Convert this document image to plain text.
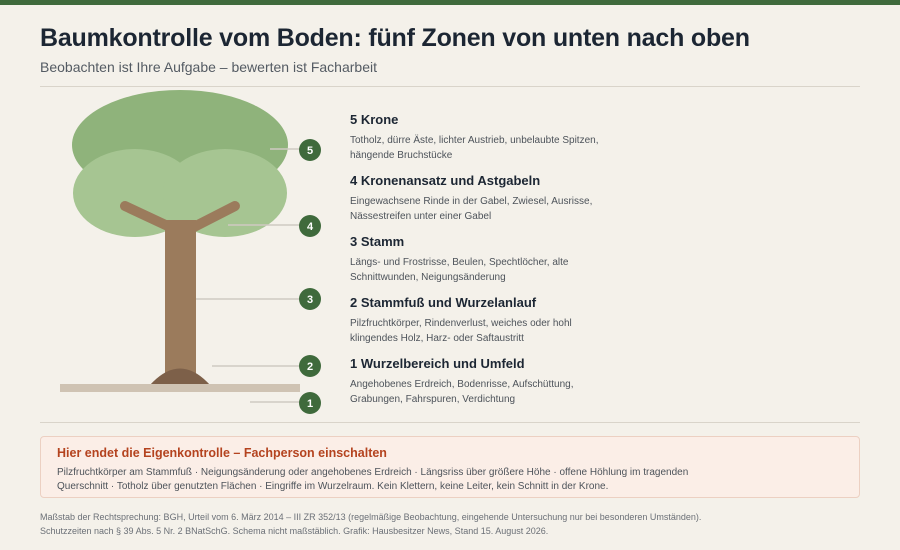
Baumkontrolle vom Boden: fünf Zonen von unten nach oben
Beobachten ist Ihre Aufgabe – bewerten ist Facharbeit
5
4
3
2
1
5 Krone
Totholz, dürre Äste, lichter Austrieb, unbelaubte Spitzen, hängende Bruchstücke
4 Kronenansatz und Astgabeln
Eingewachsene Rinde in der Gabel, Zwiesel, Ausrisse, Nässestreifen unter einer Gabel
3 Stamm
Längs- und Frostrisse, Beulen, Spechtlöcher, alte Schnittwunden, Neigungsänderung
2 Stammfuß und Wurzelanlauf
Pilzfruchtkörper, Rindenverlust, weiches oder hohl klingendes Holz, Harz- oder Saftaustritt
1 Wurzelbereich und Umfeld
Angehobenes Erdreich, Bodenrisse, Aufschüttung, Grabungen, Fahrspuren, Verdichtung
Hier endet die Eigenkontrolle – Fachperson einschalten
Pilzfruchtkörper am Stammfuß · Neigungsänderung oder angehobenes Erdreich · Längsriss über größere Höhe · offene Höhlung im tragenden Querschnitt · Totholz über genutzten Flächen · Eingriffe im Wurzelraum. Kein Klettern, keine Leiter, kein Schnitt in der Krone.
Maßstab der Rechtsprechung: BGH, Urteil vom 6. März 2014 – III ZR 352/13 (regelmäßige Beobachtung, eingehende Untersuchung nur bei besonderen Umständen).
Schutzzeiten nach § 39 Abs. 5 Nr. 2 BNatSchG. Schema nicht maßstäblich. Grafik: Hausbesitzer News, Stand 15. August 2026.
